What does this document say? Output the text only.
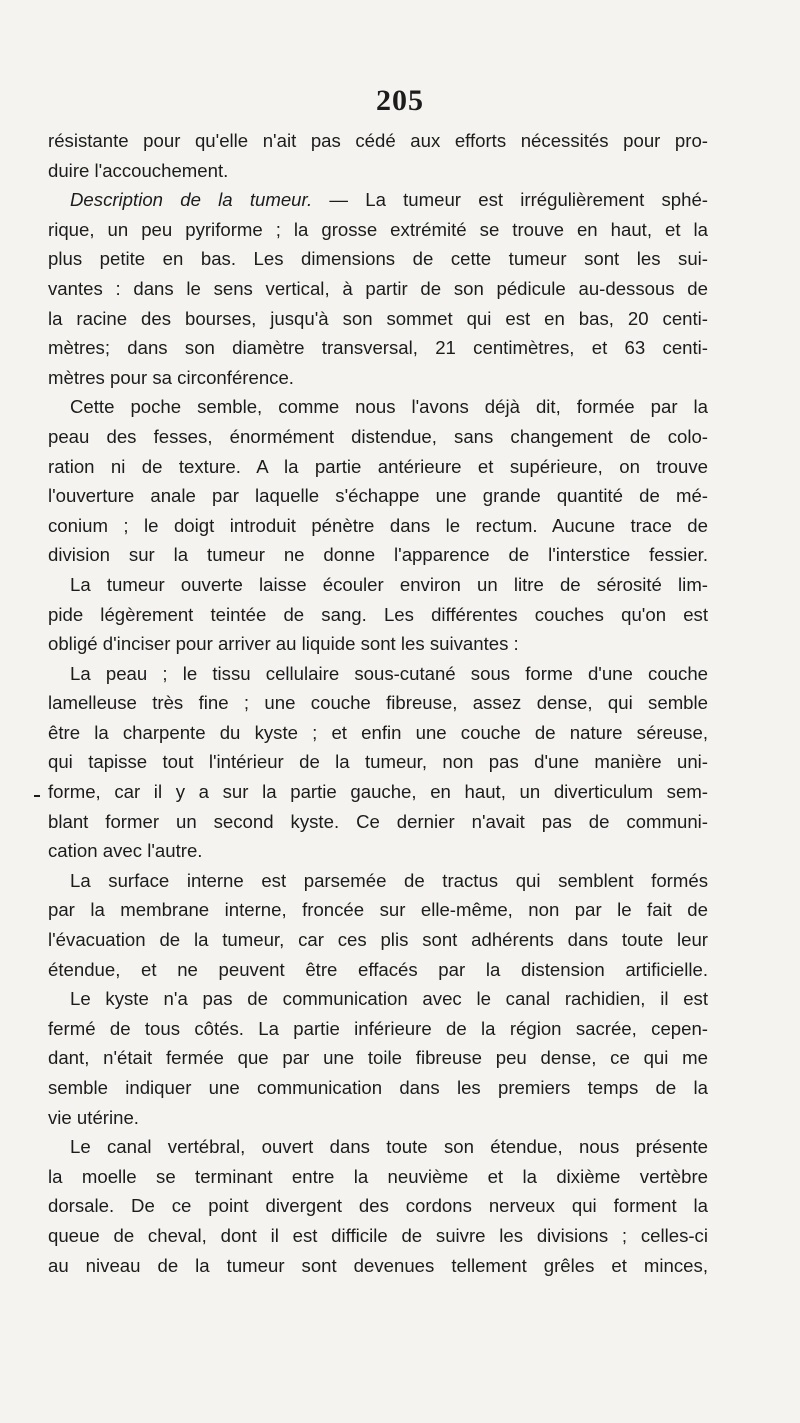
205
résistante pour qu'elle n'ait pas cédé aux efforts nécessités pour pro-
duire l'accouchement.
Description de la tumeur. — La tumeur est irrégulièrement sphé-
rique, un peu pyriforme ; la grosse extrémité se trouve en haut, et la
plus petite en bas. Les dimensions de cette tumeur sont les sui-
vantes : dans le sens vertical, à partir de son pédicule au-dessous de
la racine des bourses, jusqu'à son sommet qui est en bas, 20 centi-
mètres; dans son diamètre transversal, 21 centimètres, et 63 centi-
mètres pour sa circonférence.
Cette poche semble, comme nous l'avons déjà dit, formée par la
peau des fesses, énormément distendue, sans changement de colo-
ration ni de texture. A la partie antérieure et supérieure, on trouve
l'ouverture anale par laquelle s'échappe une grande quantité de mé-
conium ; le doigt introduit pénètre dans le rectum. Aucune trace de
division sur la tumeur ne donne l'apparence de l'interstice fessier.
La tumeur ouverte laisse écouler environ un litre de sérosité lim-
pide légèrement teintée de sang. Les différentes couches qu'on est
obligé d'inciser pour arriver au liquide sont les suivantes :
La peau ; le tissu cellulaire sous-cutané sous forme d'une couche
lamelleuse très fine ; une couche fibreuse, assez dense, qui semble
être la charpente du kyste ; et enfin une couche de nature séreuse,
qui tapisse tout l'intérieur de la tumeur, non pas d'une manière uni-
forme, car il y a sur la partie gauche, en haut, un diverticulum sem-
blant former un second kyste. Ce dernier n'avait pas de communi-
cation avec l'autre.
La surface interne est parsemée de tractus qui semblent formés
par la membrane interne, froncée sur elle-même, non par le fait de
l'évacuation de la tumeur, car ces plis sont adhérents dans toute leur
étendue, et ne peuvent être effacés par la distension artificielle.
Le kyste n'a pas de communication avec le canal rachidien, il est
fermé de tous côtés. La partie inférieure de la région sacrée, cepen-
dant, n'était fermée que par une toile fibreuse peu dense, ce qui me
semble indiquer une communication dans les premiers temps de la
vie utérine.
Le canal vertébral, ouvert dans toute son étendue, nous présente
la moelle se terminant entre la neuvième et la dixième vertèbre
dorsale. De ce point divergent des cordons nerveux qui forment la
queue de cheval, dont il est difficile de suivre les divisions ; celles-ci
au niveau de la tumeur sont devenues tellement grêles et minces,
